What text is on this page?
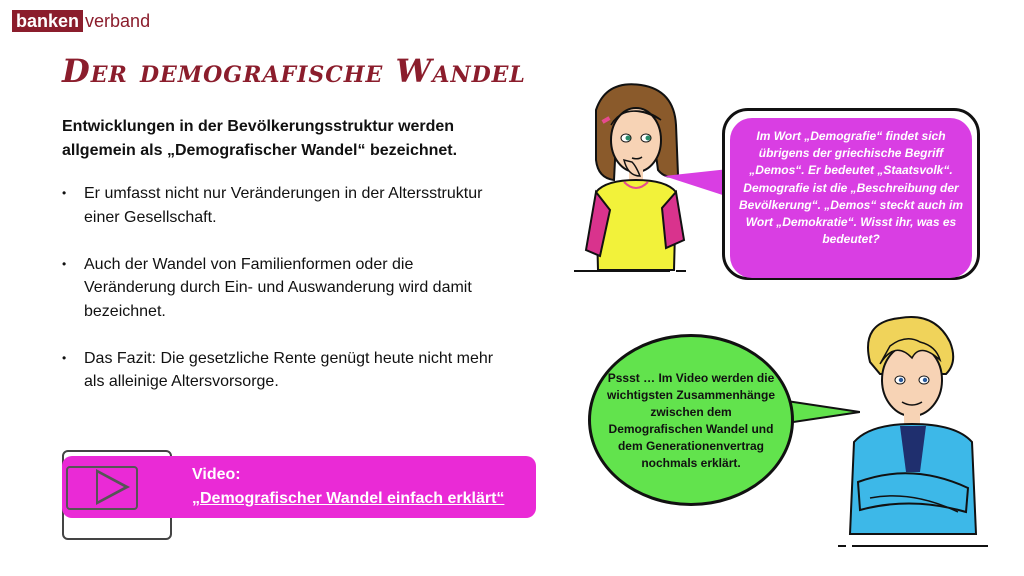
banken verband
Der demografische Wandel

Entwicklungen in der Bevölkerungsstruktur werden allgemein als „Demografischer Wandel“ bezeichnet.

• Er umfasst nicht nur Veränderungen in der Altersstruktur einer Gesellschaft.
• Auch der Wandel von Familienformen oder die Veränderung durch Ein- und Auswanderung wird damit bezeichnet.
• Das Fazit: Die gesetzliche Rente genügt heute nicht mehr als alleinige Altersvorsorge.
Video:
„Demografischer Wandel einfach erklärt“
Im Wort „Demografie“ findet sich übrigens der griechische Begriff „Demos“. Er bedeutet „Staatsvolk“. Demografie ist die „Beschreibung der Bevölkerung“. „Demos“ steckt auch im Wort „Demokratie“. Wisst ihr, was es bedeutet?
Pssst … Im Video werden die wichtigsten Zusammenhänge zwischen dem Demografischen Wandel und dem Generationenvertrag nochmals erklärt.
